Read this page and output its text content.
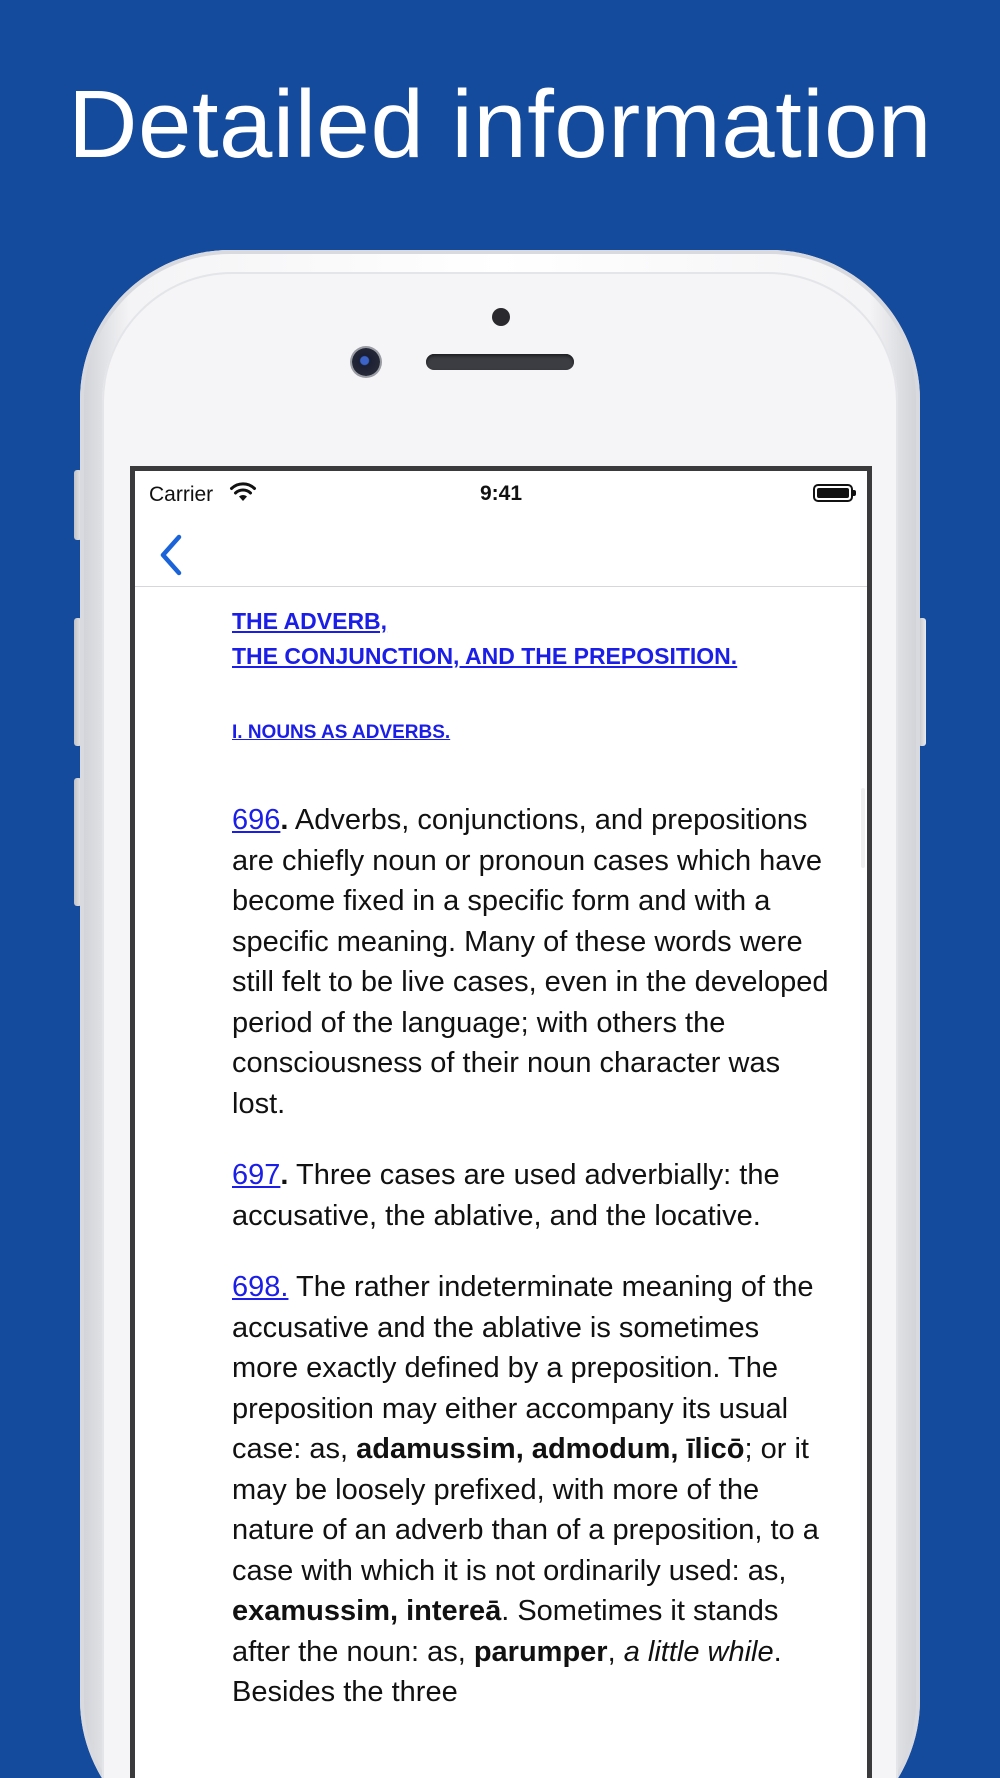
Detailed information
Carrier	9:41
THE ADVERB,
THE CONJUNCTION, AND THE PREPOSITION.
I. NOUNS AS ADVERBS.

696. Adverbs, conjunctions, and prepositions are chiefly noun or pronoun cases which have become fixed in a specific form and with a specific meaning. Many of these words were still felt to be live cases, even in the developed period of the language; with others the consciousness of their noun character was lost.

697. Three cases are used adverbially: the accusative, the ablative, and the locative.

698. The rather indeterminate meaning of the accusative and the ablative is sometimes more exactly defined by a preposition. The preposition may either accompany its usual case: as, adamussim, admodum, īlicō; or it may be loosely prefixed, with more of the nature of an adverb than of a preposition, to a case with which it is not ordinarily used: as, examussim, intereā. Sometimes it stands after the noun: as, parumper, a little while. Besides the three
